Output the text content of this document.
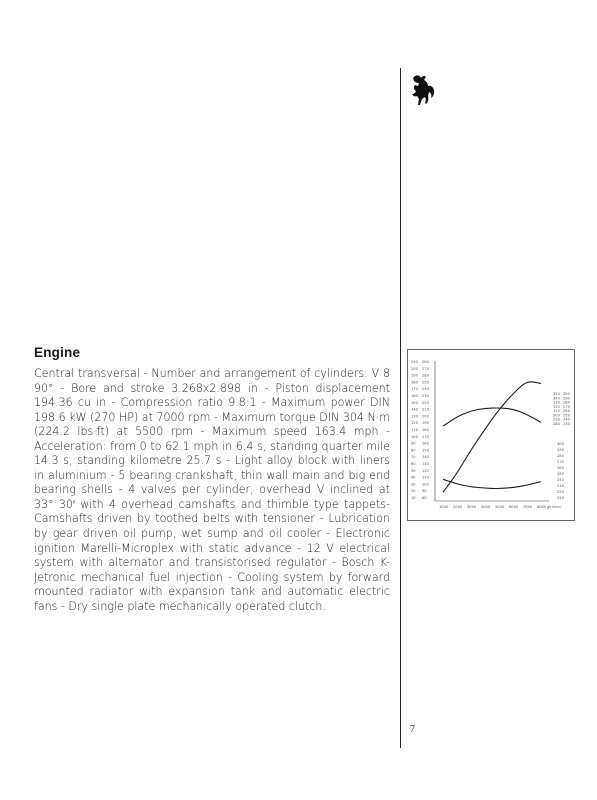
Engine
Central transversal - Number and arrangement of cylinders: V 8 90° - Bore and stroke 3.268x2.898 in - Piston displacement 194.36 cu in - Compression ratio 9.8:1 - Maximum power DIN 198.6 kW (270 HP) at 7000 rpm - Maximum torque DIN 304 N·m (224.2 lbs·ft) at 5500 rpm - Maximum speed 163.4 mph - Acceleration: from 0 to 62.1 mph in 6.4 s, standing quarter mile 14.3 s, standing kilometre 25.7 s - Light alloy block with liners in aluminium - 5 bearing crankshaft, thin wall main and big end bearing shells - 4 valves per cylinder, overhead V inclined at 33° 30′ with 4 overhead camshafts and thimble type tappets- Camshafts driven by toothed belts with tensioner - Lubrication by gear driven oil pump, wet sump and oil cooler - Electronic ignition Marelli-Microplex with static advance - 12 V electrical system with alternator and transistorised regulator - Bosch K-Jetronic mechanical fuel injection - Cooling system by forward mounted radiator with expansion tank and automatic electric fans - Dry single plate mechanically operated clutch.
210
200
190
180
170
160
150
140
130
120
110
100
90
80
70
60
50
40
30
20
10
280
270
260
250
240
230
220
210
200
190
180
170
160
150
140
130
120
110
100
90
80
350
340
330
320
310
300
290
280
300
290
280
270
260
250
240
230
300
290
280
270
260
250
240
230
220
210
1000 2000 3000 4000 5000 6000 7000 8000 giri/min
7
